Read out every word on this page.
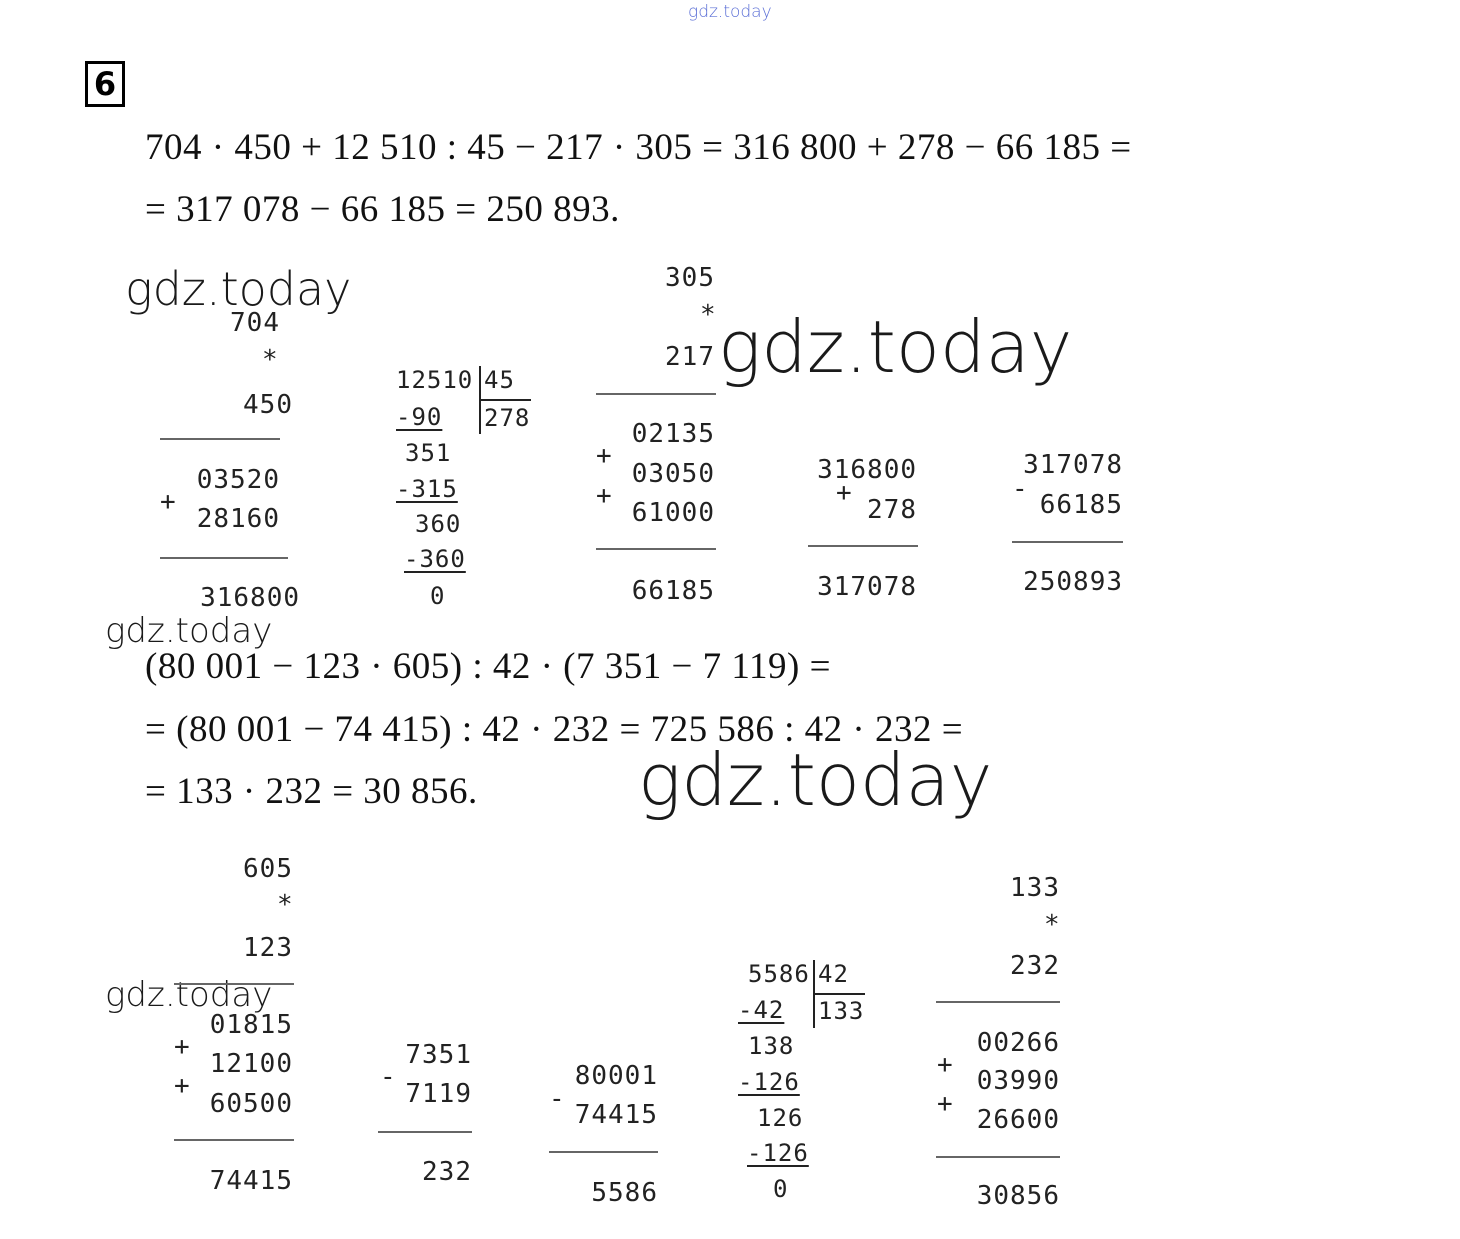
gdz.today
6
704 · 450 + 12 510 : 45 − 217 · 305 = 316 800 + 278 − 66 185 =
= 317 078 − 66 185 = 250 893.
gdz.today
gdz.today
gdz.today
gdz.today
gdz.today
704
*
450
03520
+
28160
316800
12510 45
278
-90
351
-315
360
-360
0
305
*
217
02135
+
03050
+
61000
66185
316800
+
278
317078
317078
-
66185
250893
(80 001 − 123 · 605) : 42 · (7 351 − 7 119) =
= (80 001 − 74 415) : 42 · 232 = 725 586 : 42 · 232 =
= 133 · 232 = 30 856.
605
*
123
01815
+
12100
+
60500
74415
7351
-
7119
232
80001
-
74415
5586
5586 42
133
-42
138
-126
126
-126
0
133
*
232
00266
+
03990
+
26600
30856
